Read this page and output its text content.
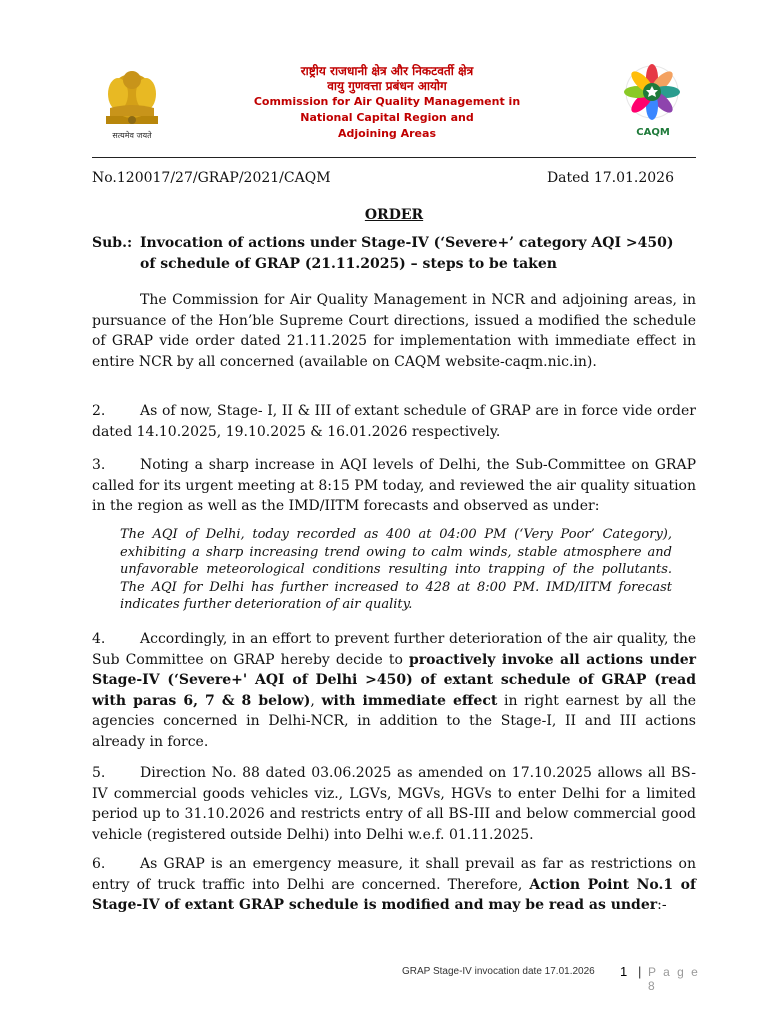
सत्यमेव जयते
राष्ट्रीय राजधानी क्षेत्र और निकटवर्ती क्षेत्र
वायु गुणवत्ता प्रबंधन आयोग
Commission for Air Quality Management in
National Capital Region and
Adjoining Areas	CAQM
No.120017/27/GRAP/2021/CAQM	Dated 17.01.2026
ORDER
Sub.: Invocation of actions under Stage-IV (‘Severe+’ category AQI >450) of schedule of GRAP (21.11.2025) – steps to be taken
The Commission for Air Quality Management in NCR and adjoining areas, in pursuance of the Hon’ble Supreme Court directions, issued a modified the schedule of GRAP vide order dated 21.11.2025 for implementation with immediate effect in entire NCR by all concerned (available on CAQM website-caqm.nic.in).
2. As of now, Stage- I, II & III of extant schedule of GRAP are in force vide order dated 14.10.2025, 19.10.2025 & 16.01.2026 respectively.
3. Noting a sharp increase in AQI levels of Delhi, the Sub-Committee on GRAP called for its urgent meeting at 8:15 PM today, and reviewed the air quality situation in the region as well as the IMD/IITM forecasts and observed as under:
The AQI of Delhi, today recorded as 400 at 04:00 PM (‘Very Poor’ Category), exhibiting a sharp increasing trend owing to calm winds, stable atmosphere and unfavorable meteorological conditions resulting into trapping of the pollutants. The AQI for Delhi has further increased to 428 at 8:00 PM. IMD/IITM forecast indicates further deterioration of air quality.
4. Accordingly, in an effort to prevent further deterioration of the air quality, the Sub Committee on GRAP hereby decide to proactively invoke all actions under Stage-IV (‘Severe+' AQI of Delhi >450) of extant schedule of GRAP (read with paras 6, 7 & 8 below), with immediate effect in right earnest by all the agencies concerned in Delhi-NCR, in addition to the Stage-I, II and III actions already in force.
5. Direction No. 88 dated 03.06.2025 as amended on 17.10.2025 allows all BS-IV commercial goods vehicles viz., LGVs, MGVs, HGVs to enter Delhi for a limited period up to 31.10.2026 and restricts entry of all BS-III and below commercial good vehicle (registered outside Delhi) into Delhi w.e.f. 01.11.2025.
6. As GRAP is an emergency measure, it shall prevail as far as restrictions on entry of truck traffic into Delhi are concerned. Therefore, Action Point No.1 of Stage-IV of extant GRAP schedule is modified and may be read as under:-
GRAP Stage-IV invocation date 17.01.2026 1 | P a g e 8
